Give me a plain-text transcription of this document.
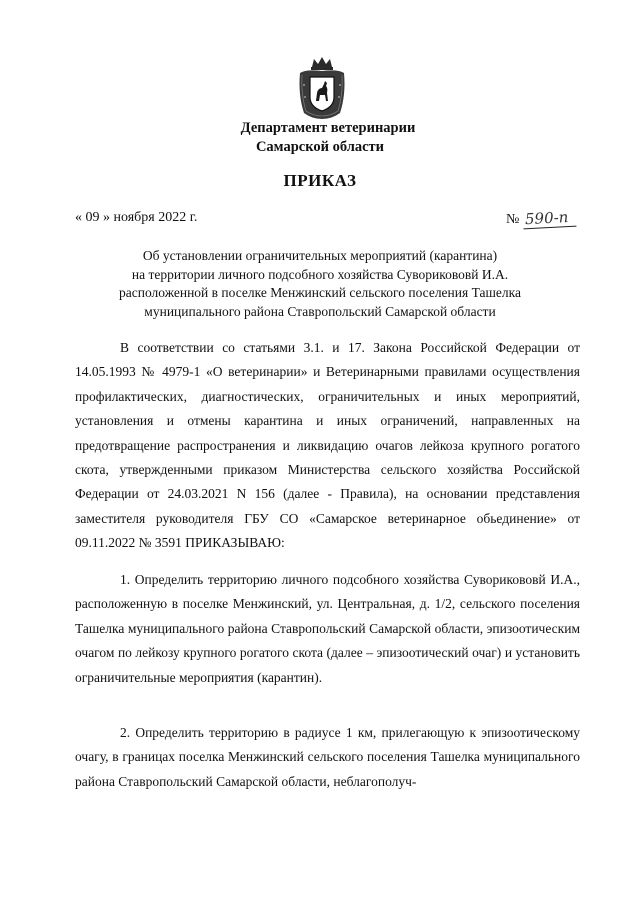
Департамент ветеринарии
Самарской области
ПРИКАЗ
« 09 » ноября 2022 г.	№ 590-п
Об установлении ограничительных мероприятий (карантина)
на территории личного подсобного хозяйства Суворикововй И.А.
расположенной в поселке Менжинский сельского поселения Ташелка
муниципального района Ставропольский Самарской области

В соответствии со статьями 3.1. и 17. Закона Российской Федерации от 14.05.1993 № 4979-1 «О ветеринарии» и Ветеринарными правилами осуществления профилактических, диагностических, ограничительных и иных мероприятий, установления и отмены карантина и иных ограничений, направленных на предотвращение распространения и ликвидацию очагов лейкоза крупного рогатого скота, утвержденными приказом Министерства сельского хозяйства Российской Федерации от 24.03.2021 N 156 (далее - Правила), на основании представления заместителя руководителя ГБУ СО «Самарское ветеринарное обьединение» от 09.11.2022 № 3591 ПРИКАЗЫВАЮ:

1. Определить территорию личного подсобного хозяйства Суворикововй И.А., расположенную в поселке Менжинский, ул. Центральная, д. 1/2, сельского поселения Ташелка муниципального района Ставропольский Самарской области, эпизоотическим очагом по лейкозу крупного рогатого скота (далее – эпизоотический очаг) и установить ограничительные мероприятия (карантин).

2. Определить территорию в радиусе 1 км, прилегающую к эпизоотическому очагу, в границах поселка Менжинский сельского поселения Ташелка муниципального района Ставропольский Самарской области, неблагополуч-
